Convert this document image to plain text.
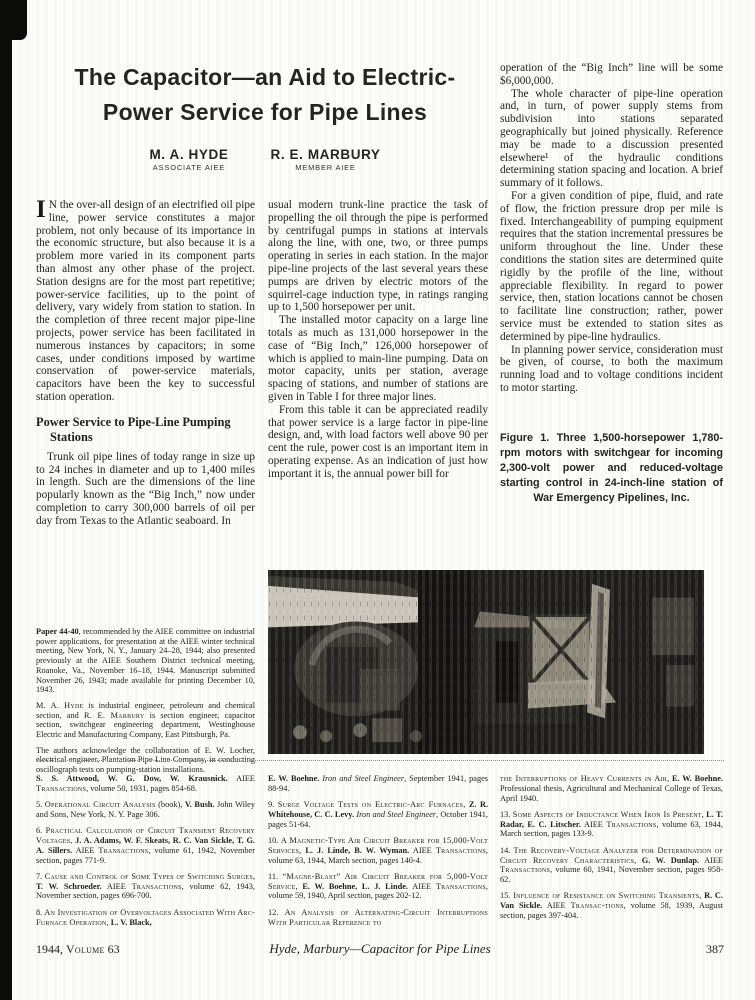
The Capacitor—an Aid to Electric-
Power Service for Pipe Lines
M. A. HYDE
ASSOCIATE AIEE
R. E. MARBURY
MEMBER AIEE

I N the over-all design of an electrified oil pipe line, power service constitutes a major problem, not only because of its importance in the economic structure, but also because it is a problem more varied in its component parts than almost any other phase of the project. Station designs are for the most part repetitive; power-service facilities, up to the point of delivery, vary widely from station to station. In the completion of three recent major pipe-line projects, power service has been facilitated in numerous instances by capacitors; in some cases, under conditions imposed by wartime conservation of power-service materials, capacitors have been the key to successful station operation.

Power Service to Pipe-Line Pumping Stations

Trunk oil pipe lines of today range in size up to 24 inches in diameter and up to 1,400 miles in length. Such are the dimensions of the line popularly known as the “Big Inch,” now under completion to carry 300,000 barrels of oil per day from Texas to the Atlantic seaboard. In

usual modern trunk-line practice the task of propelling the oil through the pipe is performed by centrifugal pumps in stations at intervals along the line, with one, two, or three pumps operating in series in each station. In the major pipe-line projects of the last several years these pumps are driven by electric motors of the squirrel-cage induction type, in ratings ranging up to 1,500 horsepower per unit.

The installed motor capacity on a large line totals as much as 131,000 horsepower in the case of “Big Inch,” 126,000 horsepower of which is applied to main-line pumping. Data on motor capacity, units per station, average spacing of stations, and number of stations are given in Table I for three major lines.

From this table it can be appreciated readily that power service is a large factor in pipe-line design, and, with load factors well above 90 per cent the rule, power cost is an important item in operating expense. As an indication of just how important it is, the annual power bill for

operation of the “Big Inch” line will be some $6,000,000.

The whole character of pipe-line operation and, in turn, of power supply stems from subdivision into stations separated geographically but joined physically. Reference may be made to a discussion presented elsewhere¹ of the hydraulic conditions determining station spacing and location. A brief summary of it follows.

For a given condition of pipe, fluid, and rate of flow, the friction pressure drop per mile is fixed. Interchangeability of pumping equipment requires that the station incremental pressures be uniform throughout the line. Under these conditions the station sites are determined quite rigidly by the profile of the line, without appreciable flexibility. In regard to power service, then, station locations cannot be chosen to facilitate line construction; rather, power service must be extended to station sites as determined by pipe-line hydraulics.

In planning power service, consideration must be given, of course, to both the maximum running load and to voltage conditions incident to motor starting.

Figure 1. Three 1,500-horsepower 1,780-rpm motors with switchgear for incoming 2,300-volt power and reduced-voltage starting control in 24-inch-line station of War Emergency Pipelines, Inc.

Paper 44-40, recommended by the AIEE committee on industrial power applications, for presentation at the AIEE winter technical meeting, New York, N. Y., January 24–28, 1944; also presented previously at the AIEE Southern District technical meeting, Roanoke, Va., November 16–18, 1944. Manuscript submitted November 26, 1943; made available for printing December 10, 1943.

M. A. Hyde is industrial engineer, petroleum and chemical section, and R. E. Marbury is section engineer, capacitor section, switchgear engineering department, Westinghouse Electric and Manufacturing Company, East Pittsburgh, Pa.

The authors acknowledge the collaboration of E. W. Locher, electrical engineer, Plantation Pipe Line Company, in conducting oscillograph tests on pumping-station installations.

S. S. Attwood, W. G. Dow, W. Krausnick. AIEE Transactions, volume 50, 1931, pages 854-68.

5. Operational Circuit Analysis (book), V. Bush. John Wiley and Sons, New York, N. Y. Page 306.

6. Practical Calculation of Circuit Transient Recovery Voltages, J. A. Adams, W. F. Skeats, R. C. Van Sickle, T. G. A. Sillers. AIEE Transactions, volume 61, 1942, November section, pages 771-9.

7. Cause and Control of Some Types of Switching Surges, T. W. Schroeder. AIEE Transactions, volume 62, 1943, November section, pages 696-700.

8. An Investigation of Overvoltages Associated With Arc-Furnace Operation, L. V. Black,

E. W. Boehne. Iron and Steel Engineer, September 1941, pages 88-94.

9. Surge Voltage Tests on Electric-Arc Furnaces, Z. R. Whitehouse, C. C. Levy. Iron and Steel Engineer, October 1941, pages 51-64.

10. A Magnetic-Type Air Circuit Breaker for 15,000-Volt Services, L. J. Linde, B. W. Wyman. AIEE Transactions, volume 63, 1944, March section, pages 140-4.

11. “Magne-Blast” Air Circuit Breaker for 5,000-Volt Service, E. W. Boehne, L. J. Linde. AIEE Transactions, volume 59, 1940, April section, pages 202-12.

12. An Analysis of Alternating-Circuit Interruptions With Particular Reference to

the Interruptions of Heavy Currents in Air, E. W. Boehne. Professional thesis, Agricultural and Mechanical College of Texas, April 1940.

13. Some Aspects of Inductance When Iron Is Present, L. T. Radar, E. C. Litscher. AIEE Transactions, volume 63, 1944, March section, pages 133-9.

14. The Recovery-Voltage Analyzer for Determination of Circuit Recovery Characteristics, G. W. Dunlap. AIEE Transactions, volume 60, 1941, November section, pages 958-62.

15. Influence of Resistance on Switching Transients, R. C. Van Sickle. AIEE Transac-tions, volume 58, 1939, August section, pages 397-404.

1944, Volume 63	Hyde, Marbury—Capacitor for Pipe Lines	387
